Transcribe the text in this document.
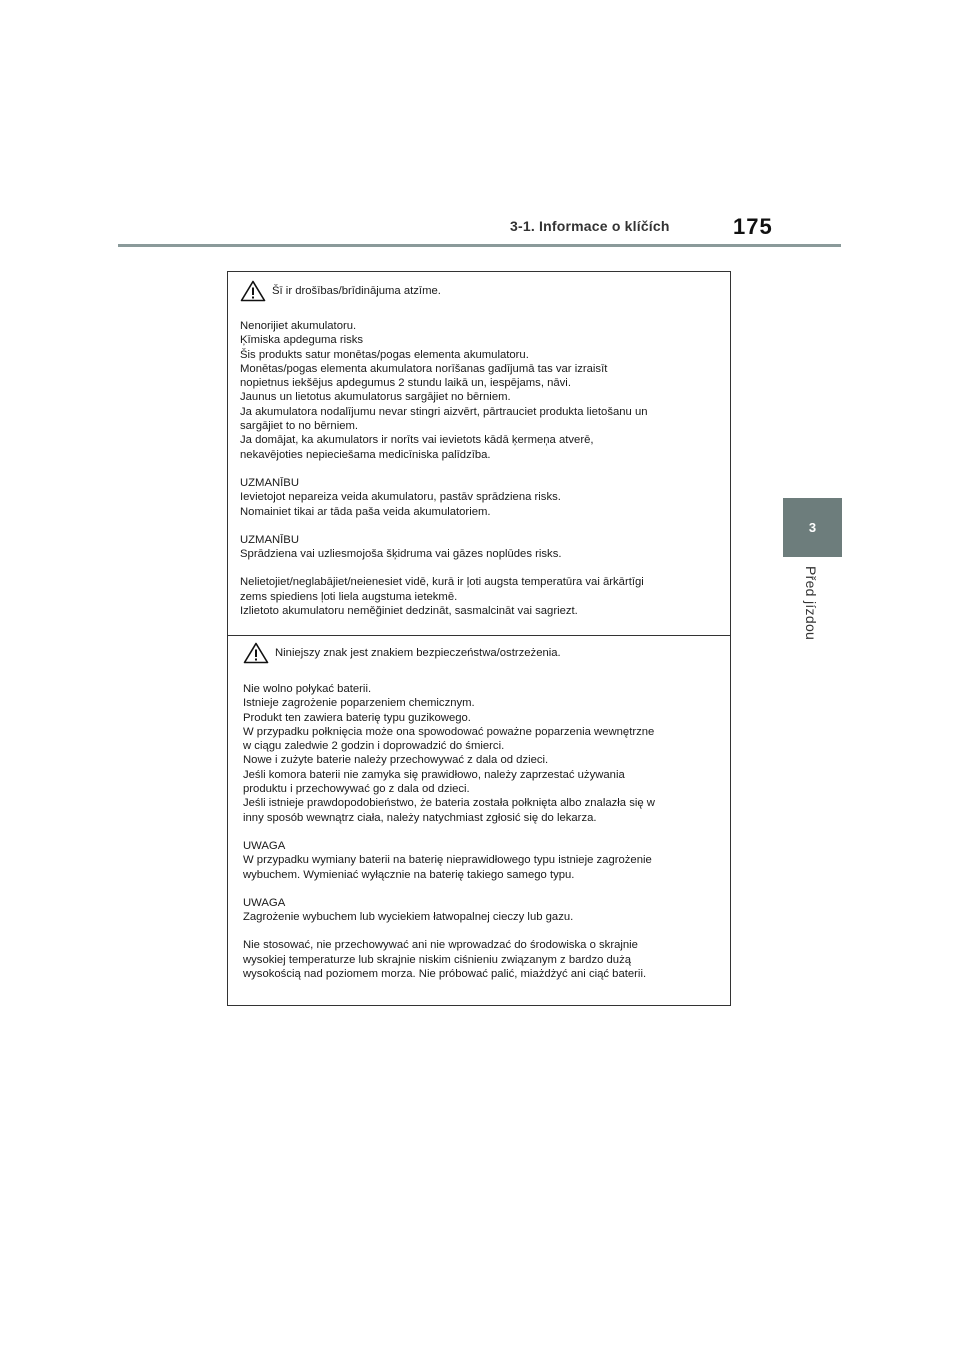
3-1. Informace o klíčích	175
3
Před jízdou
Šī ir drošības/brīdinājuma atzīme.
Nenorijiet akumulatoru.
Ķīmiska apdeguma risks
Šis produkts satur monētas/pogas elementa akumulatoru.
Monētas/pogas elementa akumulatora norīšanas gadījumā tas var izraisīt
nopietnus iekšējus apdegumus 2 stundu laikā un, iespējams, nāvi.
Jaunus un lietotus akumulatorus sargājiet no bērniem.
Ja akumulatora nodalījumu nevar stingri aizvērt, pārtrauciet produkta lietošanu un
sargājiet to no bērniem.
Ja domājat, ka akumulators ir norīts vai ievietots kādā ķermeņa atverē,
nekavējoties nepieciešama medicīniska palīdzība.
UZMANĪBU
Ievietojot nepareiza veida akumulatoru, pastāv sprādziena risks.
Nomainiet tikai ar tāda paša veida akumulatoriem.
UZMANĪBU
Sprādziena vai uzliesmojoša šķidruma vai gāzes noplūdes risks.
Nelietojiet/neglabājiet/neienesiet vidē, kurā ir ļoti augsta temperatūra vai ārkārtīgi
zems spiediens ļoti liela augstuma ietekmē.
Izlietoto akumulatoru neměğiniet dedzināt, sasmalcināt vai sagriezt.
Niniejszy znak jest znakiem bezpieczeństwa/ostrzeżenia.
Nie wolno połykać baterii.
Istnieje zagrożenie poparzeniem chemicznym.
Produkt ten zawiera baterię typu guzikowego.
W przypadku połknięcia może ona spowodować poważne poparzenia wewnętrzne
w ciągu zaledwie 2 godzin i doprowadzić do śmierci.
Nowe i zużyte baterie należy przechowywać z dala od dzieci.
Jeśli komora baterii nie zamyka się prawidłowo, należy zaprzestać używania
produktu i przechowywać go z dala od dzieci.
Jeśli istnieje prawdopodobieństwo, że bateria została połknięta albo znalazła się w
inny sposób wewnątrz ciała, należy natychmiast zgłosić się do lekarza.
UWAGA
W przypadku wymiany baterii na baterię nieprawidłowego typu istnieje zagrożenie
wybuchem. Wymieniać wyłącznie na baterię takiego samego typu.
UWAGA
Zagrożenie wybuchem lub wyciekiem łatwopalnej cieczy lub gazu.
Nie stosować, nie przechowywać ani nie wprowadzać do środowiska o skrajnie
wysokiej temperaturze lub skrajnie niskim ciśnieniu związanym z bardzo dużą
wysokością nad poziomem morza. Nie próbować palić, miażdżyć ani ciąć baterii.
